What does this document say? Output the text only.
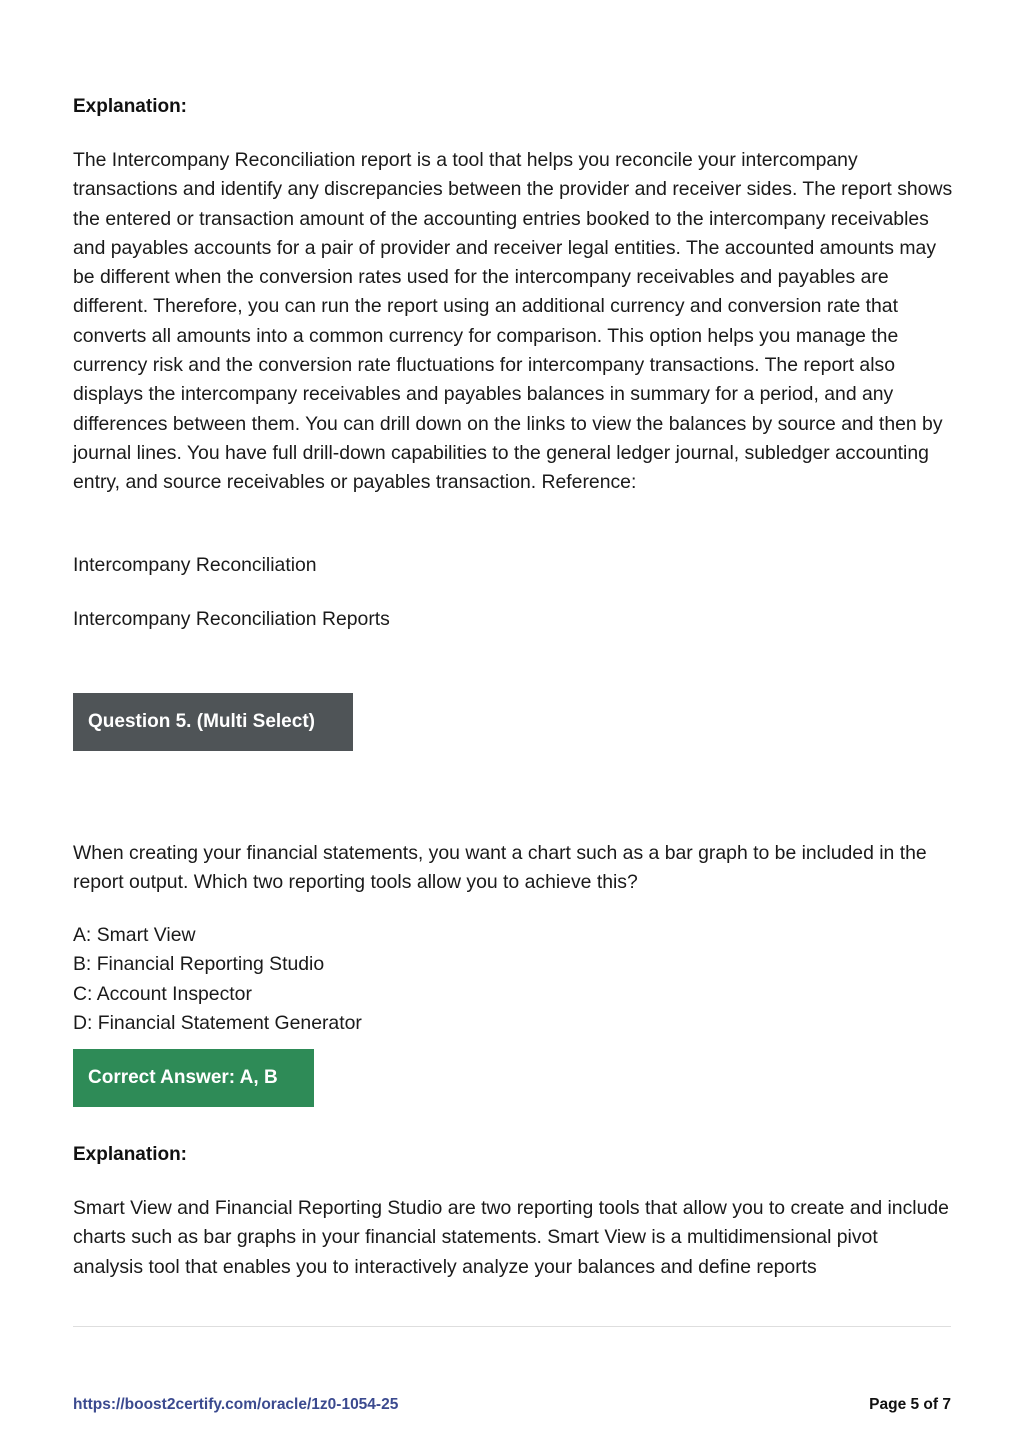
Explanation:

The Intercompany Reconciliation report is a tool that helps you reconcile your intercompany transactions and identify any discrepancies between the provider and receiver sides. The report shows the entered or transaction amount of the accounting entries booked to the intercompany receivables and payables accounts for a pair of provider and receiver legal entities. The accounted amounts may be different when the conversion rates used for the intercompany receivables and payables are different. Therefore, you can run the report using an additional currency and conversion rate that converts all amounts into a common currency for comparison. This option helps you manage the currency risk and the conversion rate fluctuations for intercompany transactions. The report also displays the intercompany receivables and payables balances in summary for a period, and any differences between them. You can drill down on the links to view the balances by source and then by journal lines. You have full drill-down capabilities to the general ledger journal, subledger accounting entry, and source receivables or payables transaction. Reference:

Intercompany Reconciliation

Intercompany Reconciliation Reports

Question 5. (Multi Select)

When creating your financial statements, you want a chart such as a bar graph to be included in the report output. Which two reporting tools allow you to achieve this?

A: Smart View
B: Financial Reporting Studio
C: Account Inspector
D: Financial Statement Generator
Correct Answer: A, B
Explanation:

Smart View and Financial Reporting Studio are two reporting tools that allow you to create and include charts such as bar graphs in your financial statements. Smart View is a multidimensional pivot analysis tool that enables you to interactively analyze your balances and define reports

https://boost2certify.com/oracle/1z0-1054-25	Page 5 of 7
